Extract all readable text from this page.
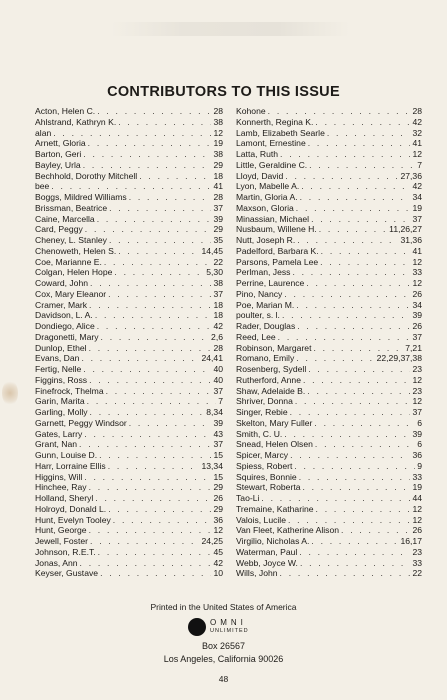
CONTRIBUTORS TO THIS ISSUE
Acton, Helen C. . . .	28
Ahlstrand, Kathryn K. . . .	38
alan . . .	12
Arnett, Gloria . . .	19
Barton, Geri . . .	38
Bayley, Urla . . .	29
Bechhold, Dorothy Mitchell . . .	18
bee . . .	41
Boggs, Mildred Williams . . .	28
Brissman, Beatrice . . .	37
Caine, Marcella . . .	39
Card, Peggy . . .	29
Cheney, L. Stanley . . .	35
Chenoweth, Helen S. . . .	14,45
Coe, Marianne E. . . .	22
Colgan, Helen Hope . . .	5,30
Coward, John . . .	38
Cox, Mary Eleanor . . .	37
Cramer, Mark . . .	18
Davidson, L. A. . . .	18
Dondiego, Alice . . .	42
Dragonetti, Mary . . .	2,6
Dunlop, Ethel . . .	28
Evans, Dan . . .	24,41
Fertig, Nelle . . .	40
Figgins, Ross . . .	40
Finefrock, Thelma . . .	37
Garin, Marita . . .	7
Garling, Molly . . .	8,34
Garnett, Peggy Windsor . . .	39
Gates, Larry . . .	43
Grant, Nan . . .	37
Gunn, Louise D. . . .	15
Harr, Lorraine Ellis . . .	13,34
Higgins, Will . . .	15
Hinchee, Ray . . .	29
Holland, Sheryl . . .	26
Holroyd, Donald L. . . .	29
Hunt, Evelyn Tooley . . .	36
Hunt, George . . .	12
Jewell, Foster . . .	24,25
Johnson, R.E.T. . . .	45
Jonas, Ann . . .	42
Keyser, Gustave . . .	10
Kohone . . .	28
Konnerth, Regina K. . . .	42
Lamb, Elizabeth Searle . . .	32
Lamont, Ernestine . . .	41
Latta, Ruth . . .	12
Little, Geraldine C. . . .	7
Lloyd, David . . .	27,36
Lyon, Mabelle A. . . .	42
Martin, Gloria A. . . .	34
Maxson, Gloria . . .	19
Minassian, Michael . . .	37
Nusbaum, Willene H. . . .	11,26,27
Nutt, Joseph R. . . .	31,36
Padelford, Barbara K. . . .	41
Parsons, Pamela Lee . . .	12
Perlman, Jess . . .	33
Perrine, Laurence . . .	12
Pino, Nancy . . .	26
Poe, Marian M. . . .	34
poulter, s. l. . . .	39
Rader, Douglas . . .	26
Reed, Lee . . .	37
Robinson, Margaret . . .	7,21
Romano, Emily . . .	22,29,37,38
Rosenberg, Sydell . . .	23
Rutherford, Anne . . .	12
Shaw, Adelaide B. . . .	23
Shriver, Donna . . .	12
Singer, Rebie . . .	37
Skelton, Mary Fuller . . .	6
Smith, C. U. . . .	39
Snead, Helen Olsen . . .	6
Spicer, Marcy . . .	36
Spiess, Robert . . .	9
Squires, Bonnie . . .	33
Stewart, Roberta . . .	19
Tao-Li . . .	44
Tremaine, Katharine . . .	12
Valois, Lucile . . .	12
Van Fleet, Katherine Alison . . .	26
Virgilio, Nicholas A. . . .	16,17
Waterman, Paul . . .	23
Webb, Joyce W. . . .	33
Wills, John . . .	22
Printed in the United States of America
OMNI
UNLIMITED
Box 26567
Los Angeles, California 90026
48
